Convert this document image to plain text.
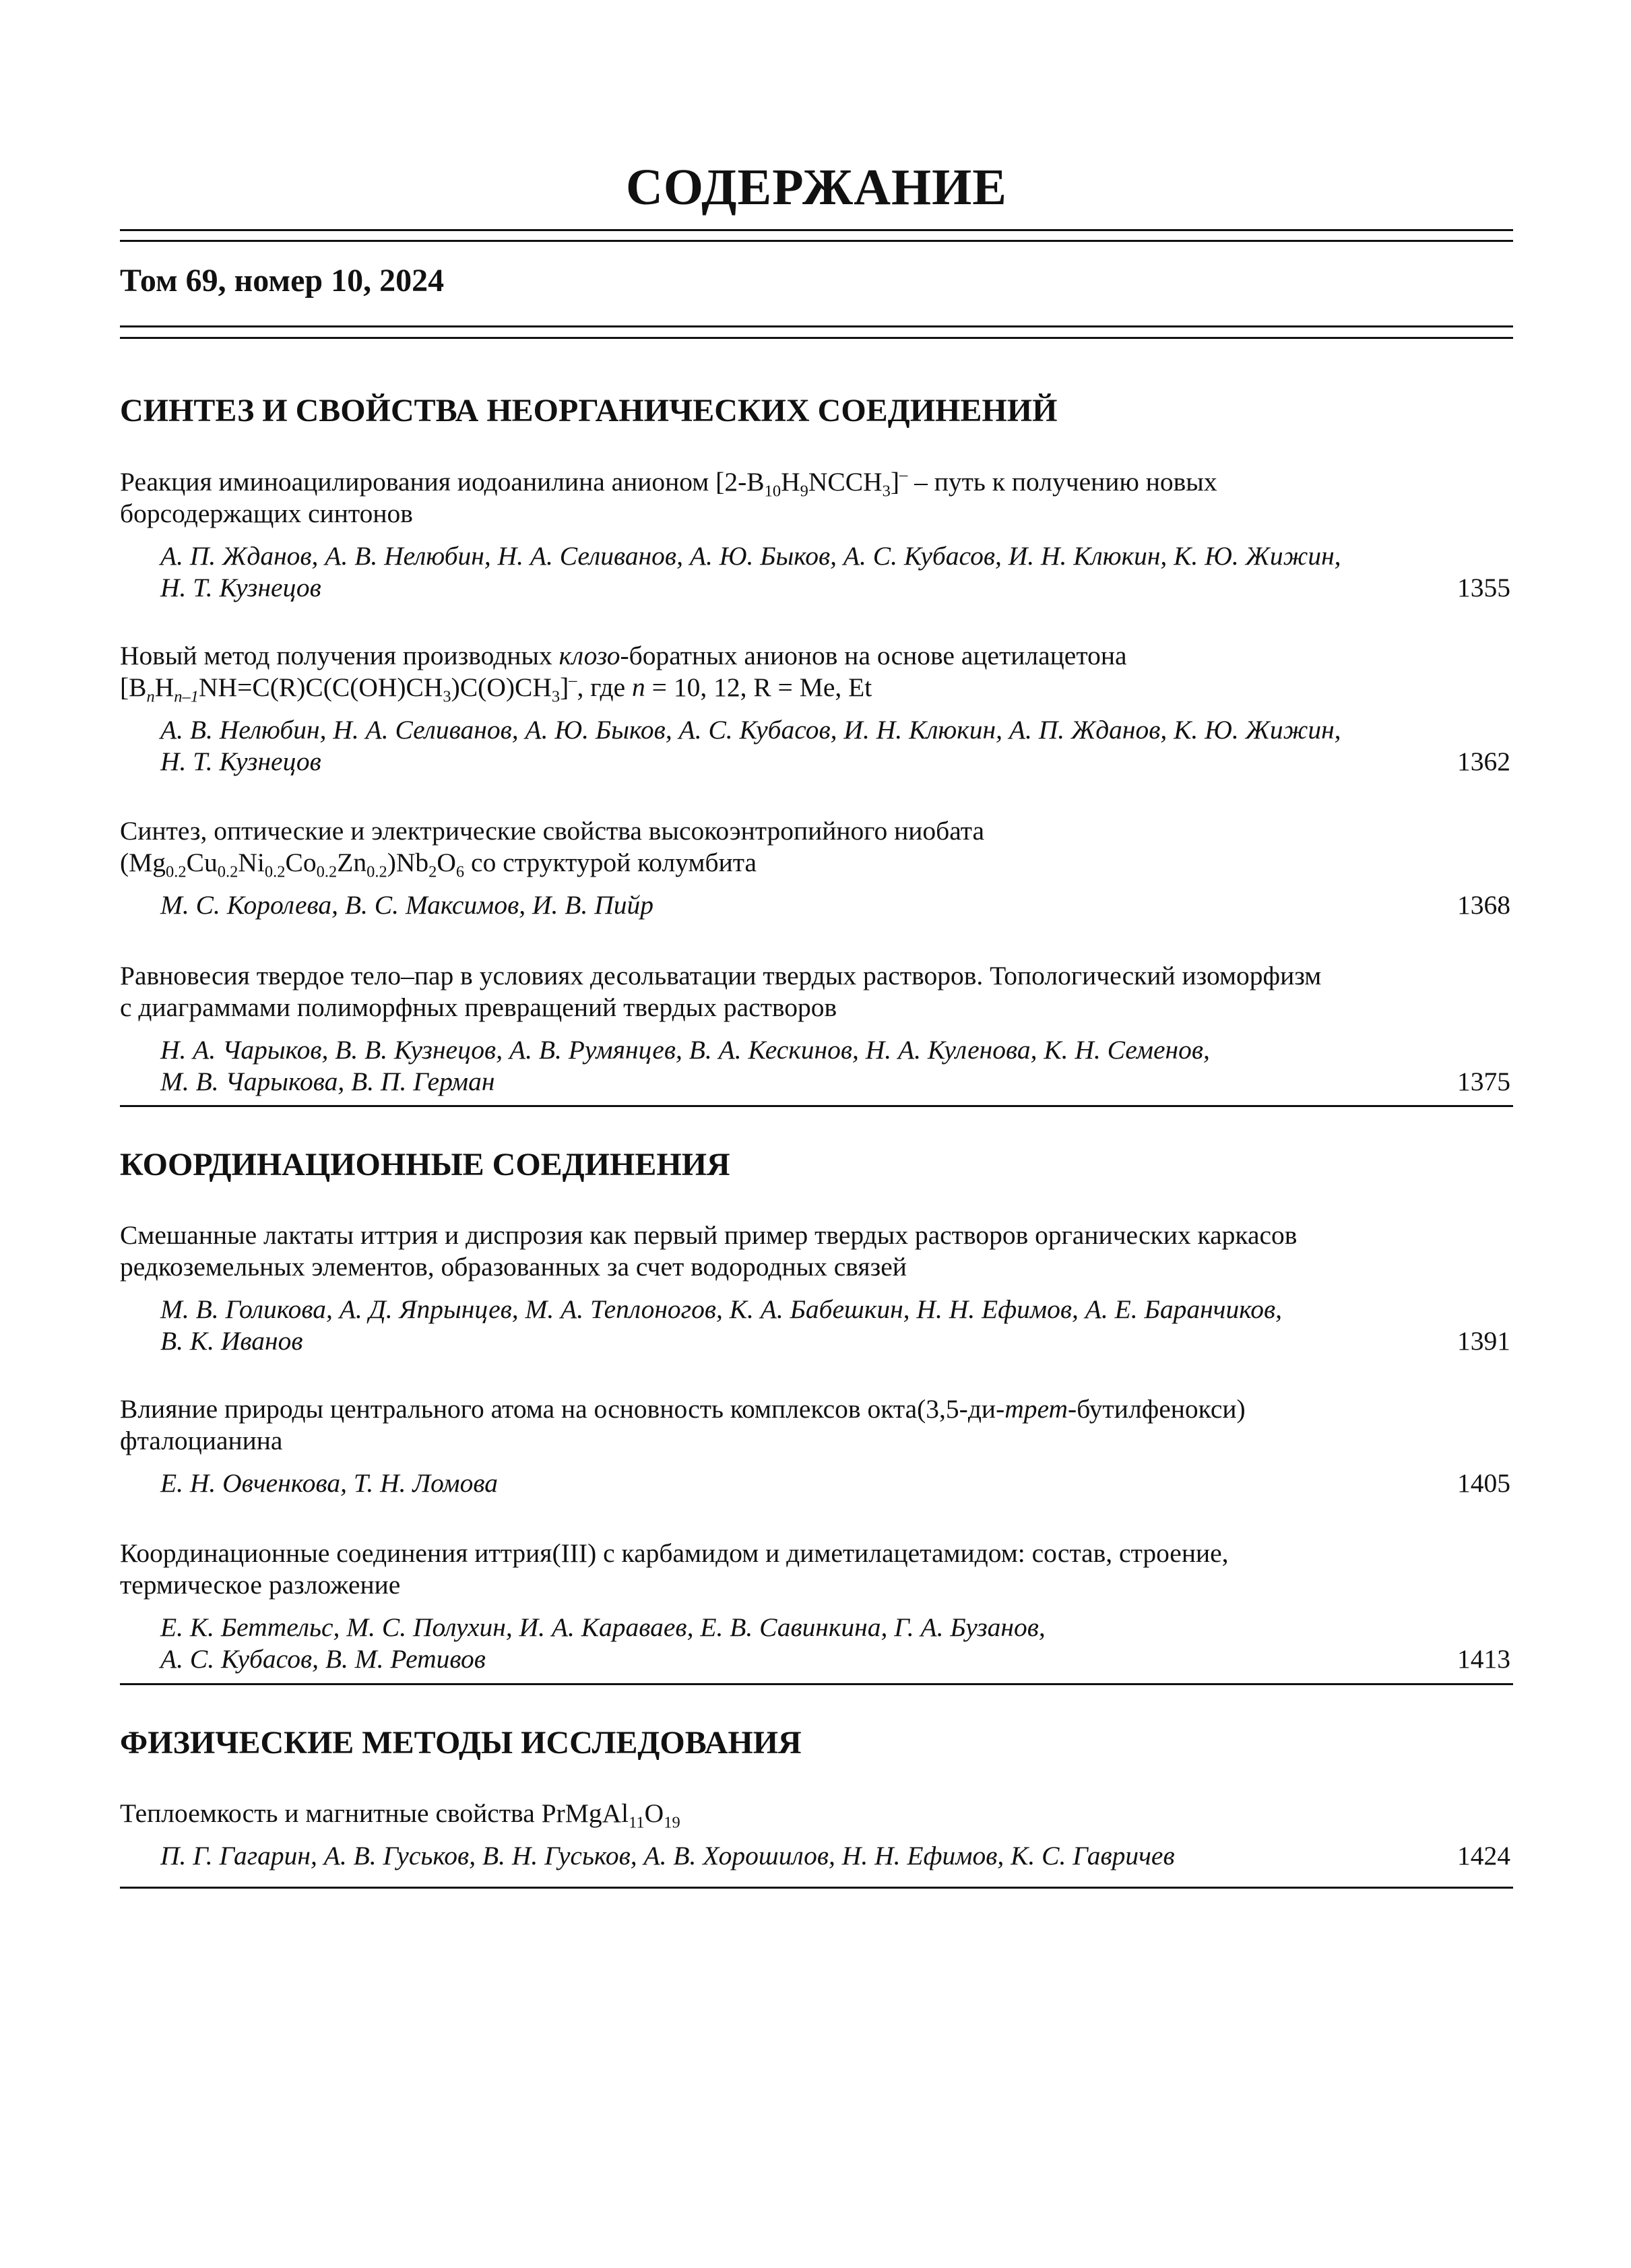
СОДЕРЖАНИЕ
Том 69, номер 10, 2024
СИНТЕЗ И СВОЙСТВА НЕОРГАНИЧЕСКИХ СОЕДИНЕНИЙ
Реакция иминоацилирования иодоанилина анионом $[2-B_{10}H_9NCCH_3]^-$ – путь к получению новых
борсодержащих синтонов
А. П. Жданов, А. В. Нелюбин, Н. А. Селиванов, А. Ю. Быков, А. С. Кубасов, И. Н. Клюкин, К. Ю. Жижин,
Н. Т. Кузнецов	1355
Новый метод получения производных клозо-боратных анионов на основе ацетилацетона
$[B_nH_{n-1}NH=C(R)C(C(OH)CH_3)C(O)CH_3]^-$, где n = 10, 12, R = Me, Et
А. В. Нелюбин, Н. А. Селиванов, А. Ю. Быков, А. С. Кубасов, И. Н. Клюкин, А. П. Жданов, К. Ю. Жижин,
Н. Т. Кузнецов	1362
Синтез, оптические и электрические свойства высокоэнтропийного ниобата
$(Mg_{0.2}Cu_{0.2}Ni_{0.2}Co_{0.2}Zn_{0.2})Nb_2O_6$ со структурой колумбита
М. С. Королева, В. С. Максимов, И. В. Пийр	1368
Равновесия твердое тело–пар в условиях десольватации твердых растворов. Топологический изоморфизм
с диаграммами полиморфных превращений твердых растворов
Н. А. Чарыков, В. В. Кузнецов, А. В. Румянцев, В. А. Кескинов, Н. А. Куленова, К. Н. Семенов,
М. В. Чарыкова, В. П. Герман	1375
КООРДИНАЦИОННЫЕ СОЕДИНЕНИЯ
Смешанные лактаты иттрия и диспрозия как первый пример твердых растворов органических каркасов
редкоземельных элементов, образованных за счет водородных связей
М. В. Голикова, А. Д. Япрынцев, М. А. Теплоногов, К. А. Бабешкин, Н. Н. Ефимов, А. Е. Баранчиков,
В. К. Иванов	1391
Влияние природы центрального атома на основность комплексов окта(3,5-ди-трет-бутилфенокси)
фталоцианина
Е. Н. Овченкова, Т. Н. Ломова	1405
Координационные соединения иттрия(III) с карбамидом и диметилацетамидом: состав, строение,
термическое разложение
Е. К. Беттельс, М. С. Полухин, И. А. Караваев, Е. В. Савинкина, Г. А. Бузанов,
А. С. Кубасов, В. М. Ретивов	1413
ФИЗИЧЕСКИЕ МЕТОДЫ ИССЛЕДОВАНИЯ
Теплоемкость и магнитные свойства $PrMgAl_{11}O_{19}$
П. Г. Гагарин, А. В. Гуськов, В. Н. Гуськов, А. В. Хорошилов, Н. Н. Ефимов, К. С. Гавричев	1424
